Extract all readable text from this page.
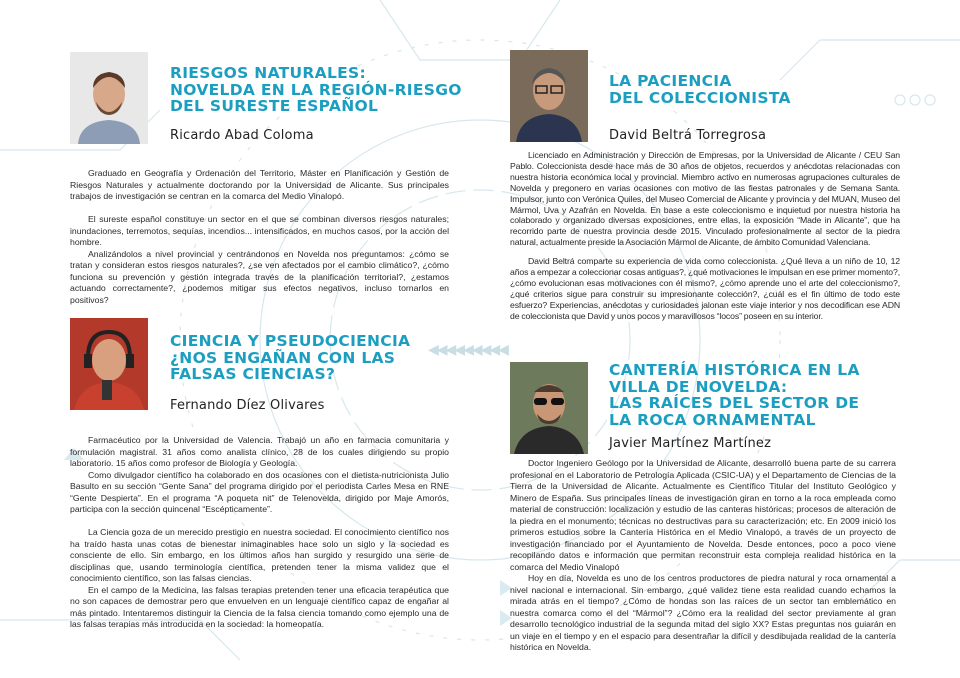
◀◀◀◀◀◀◀◀◀
RIESGOS NATURALES:
NOVELDA EN LA REGIÓN-RIESGO
DEL SURESTE ESPAÑOL
Ricardo Abad Coloma

Graduado en Geografía y Ordenación del Territorio, Máster en Planificación y Gestión de Riesgos Naturales y actualmente doctorando por la Universidad de Alicante. Sus principales trabajos de investigación se centran en la comarca del Medio Vinalopó.

El sureste español constituye un sector en el que se combinan diversos riesgos naturales; inundaciones, terremotos, sequías, incendios... intensificados, en muchos casos, por la acción del hombre.

Analizándolos a nivel provincial y centrándonos en Novelda nos preguntamos: ¿cómo se tratan y consideran estos riesgos naturales?, ¿se ven afectados por el cambio climático?, ¿cómo funciona su prevención y gestión integrada través de la planificación territorial?, ¿estamos actuando correctamente?, ¿podemos mitigar sus efectos negativos, incluso tornarlos en positivos?

LA PACIENCIA
DEL COLECCIONISTA
David Beltrá Torregrosa

Licenciado en Administración y Dirección de Empresas, por la Universidad de Alicante / CEU San Pablo. Coleccionista desde hace más de 30 años de objetos, recuerdos y anécdotas relacionadas con nuestra historia económica local y provincial. Miembro activo en numerosas agrupaciones culturales de Novelda y pregonero en varias ocasiones con motivo de las fiestas patronales y de Semana Santa. Impulsor, junto con Verónica Quiles, del Museo Comercial de Alicante y provincia y del MUAN, Museo del Mármol, Uva y Azafrán en Novelda. En base a este coleccionismo e inquietud por nuestra historia ha colaborado y organizado diversas exposiciones, entre ellas, la exposición “Made in Alicante”, que ha recorrido parte de nuestra provincia desde 2015. Vinculado profesionalmente al sector de la piedra natural, actualmente preside la Asociación Mármol de Alicante, de ámbito Comunidad Valenciana.

David Beltrá comparte su experiencia de vida como coleccionista. ¿Qué lleva a un niño de 10, 12 años a empezar a coleccionar cosas antiguas?, ¿qué motivaciones le impulsan en ese primer momento?, ¿cómo evolucionan esas motivaciones con él mismo?, ¿cómo aprende uno el arte del coleccionismo?, ¿qué criterios sigue para construir su impresionante colección?, ¿cuál es el fin último de todo este esfuerzo? Experiencias, anécdotas y curiosidades jalonan este viaje interior y nos decodifican ese ADN de coleccionista que David y unos pocos y maravillosos “locos” poseen en su interior.

CIENCIA Y PSEUDOCIENCIA
¿NOS ENGAÑAN CON LAS
FALSAS CIENCIAS?
Fernando Díez Olivares

Farmacéutico por la Universidad de Valencia. Trabajó un año en farmacia comunitaria y formulación magistral. 31 años como analista clínico, 28 de los cuales dirigiendo su propio laboratorio. 15 años como profesor de Biología y Geología.

Como divulgador científico ha colaborado en dos ocasiones con el dietista-nutricionista Julio Basulto en su sección “Gente Sana” del programa dirigido por el periodista Carles Mesa en RNE “Gente Despierta”. En el programa “A poqueta nit” de Telenovelda, dirigido por Maje Amorós, participa con la sección quincenal “Escépticamente”.

La Ciencia goza de un merecido prestigio en nuestra sociedad. El conocimiento científico nos ha traído hasta unas cotas de bienestar inimaginables hace solo un siglo y la sociedad es consciente de ello. Sin embargo, en los últimos años han surgido y resurgido una serie de disciplinas que, usando terminología científica, pretenden tener la misma validez que el conocimiento científico, son las falsas ciencias.

En el campo de la Medicina, las falsas terapias pretenden tener una eficacia terapéutica que no son capaces de demostrar pero que envuelven en un lenguaje científico capaz de engañar al más pintado. Intentaremos distinguir la Ciencia de la falsa ciencia tomando como ejemplo una de las falsas terapias más introducida en la sociedad: la homeopatía.

CANTERÍA HISTÓRICA EN LA
VILLA DE NOVELDA:
LAS RAÍCES DEL SECTOR DE
LA ROCA ORNAMENTAL
Javier Martínez Martínez

Doctor Ingeniero Geólogo por la Universidad de Alicante, desarrolló buena parte de su carrera profesional en el Laboratorio de Petrología Aplicada (CSIC-UA) y el Departamento de Ciencias de la Tierra de la Universidad de Alicante. Actualmente es Científico Titular del Instituto Geológico y Minero de España. Sus principales líneas de investigación giran en torno a la roca empleada como material de construcción: localización y estudio de las canteras históricas; procesos de alteración de la piedra en el monumento; técnicas no destructivas para su caracterización; etc. En 2009 inició los primeros estudios sobre la Cantería Histórica en el Medio Vinalopó, a través de un proyecto de investigación financiado por el Ayuntamiento de Novelda. Desde entonces, poco a poco viene recopilando datos e información que permitan reconstruir esta compleja realidad histórica en la comarca del Medio Vinalopó

Hoy en día, Novelda es uno de los centros productores de piedra natural y roca ornamental a nivel nacional e internacional. Sin embargo, ¿qué validez tiene esta realidad cuando echamos la mirada atrás en el tiempo? ¿Cómo de hondas son las raíces de un sector tan emblemático en nuestra comarca como el del “Mármol”? ¿Cómo era la realidad del sector previamente al gran desarrollo tecnológico industrial de la segunda mitad del siglo XX? Estas preguntas nos guiarán en un viaje en el tiempo y en el espacio para desentrañar la difícil y desdibujada realidad de la cantería histórica en Novelda.
